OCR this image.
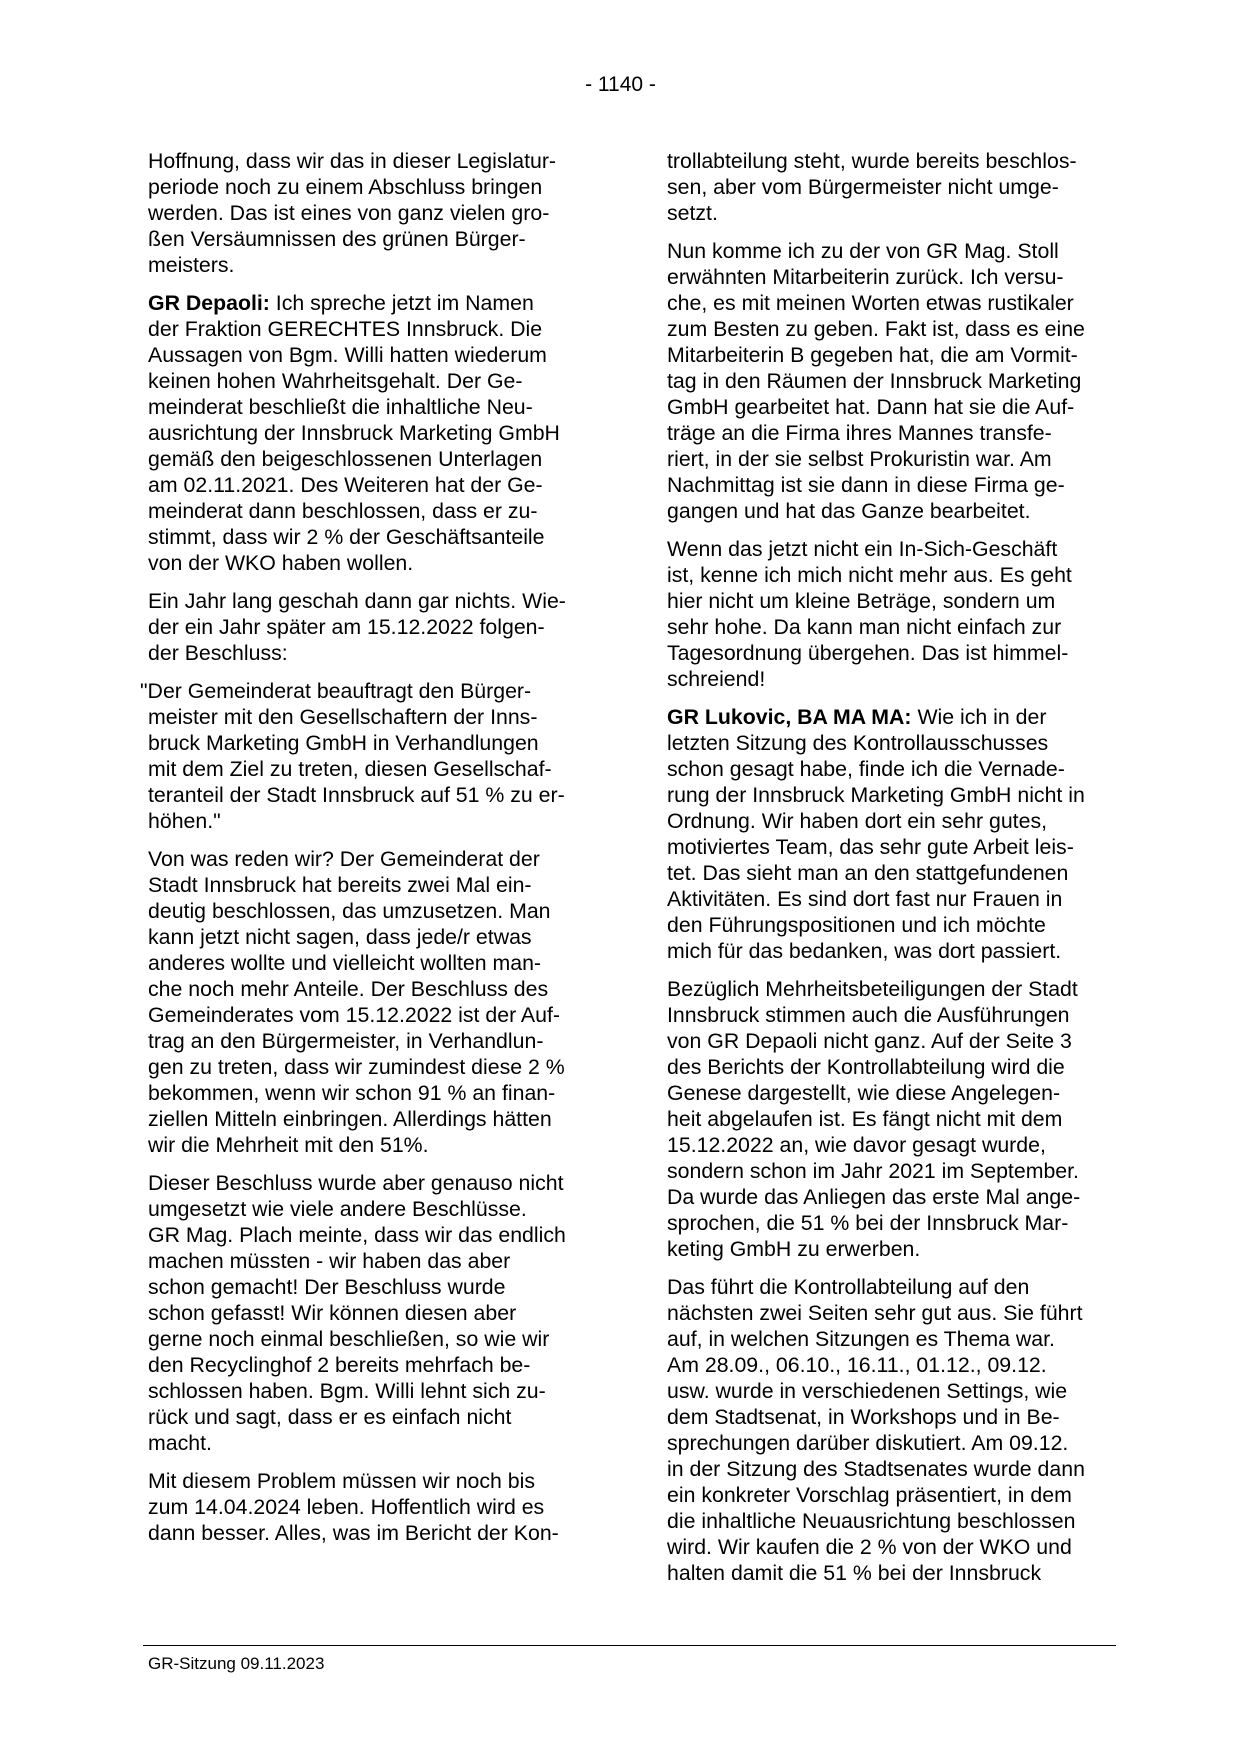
- 1140 -

Hoffnung, dass wir das in dieser Legislatur-
periode noch zu einem Abschluss bringen
werden. Das ist eines von ganz vielen gro-
ßen Versäumnissen des grünen Bürger-
meisters.

GR Depaoli: Ich spreche jetzt im Namen
der Fraktion GERECHTES Innsbruck. Die
Aussagen von Bgm. Willi hatten wiederum
keinen hohen Wahrheitsgehalt. Der Ge-
meinderat beschließt die inhaltliche Neu-
ausrichtung der Innsbruck Marketing GmbH
gemäß den beigeschlossenen Unterlagen
am 02.11.2021. Des Weiteren hat der Ge-
meinderat dann beschlossen, dass er zu-
stimmt, dass wir 2 % der Geschäftsanteile
von der WKO haben wollen.

Ein Jahr lang geschah dann gar nichts. Wie-
der ein Jahr später am 15.12.2022 folgen-
der Beschluss:

"Der Gemeinderat beauftragt den Bürger-
meister mit den Gesellschaftern der Inns-
bruck Marketing GmbH in Verhandlungen
mit dem Ziel zu treten, diesen Gesellschaf-
teranteil der Stadt Innsbruck auf 51 % zu er-
höhen."

Von was reden wir? Der Gemeinderat der
Stadt Innsbruck hat bereits zwei Mal ein-
deutig beschlossen, das umzusetzen. Man
kann jetzt nicht sagen, dass jede/r etwas
anderes wollte und vielleicht wollten man-
che noch mehr Anteile. Der Beschluss des
Gemeinderates vom 15.12.2022 ist der Auf-
trag an den Bürgermeister, in Verhandlun-
gen zu treten, dass wir zumindest diese 2 %
bekommen, wenn wir schon 91 % an finan-
ziellen Mitteln einbringen. Allerdings hätten
wir die Mehrheit mit den 51%.

Dieser Beschluss wurde aber genauso nicht
umgesetzt wie viele andere Beschlüsse.
GR Mag. Plach meinte, dass wir das endlich
machen müssten - wir haben das aber
schon gemacht! Der Beschluss wurde
schon gefasst! Wir können diesen aber
gerne noch einmal beschließen, so wie wir
den Recyclinghof 2 bereits mehrfach be-
schlossen haben. Bgm. Willi lehnt sich zu-
rück und sagt, dass er es einfach nicht
macht.

Mit diesem Problem müssen wir noch bis
zum 14.04.2024 leben. Hoffentlich wird es
dann besser. Alles, was im Bericht der Kon-

trollabteilung steht, wurde bereits beschlos-
sen, aber vom Bürgermeister nicht umge-
setzt.

Nun komme ich zu der von GR Mag. Stoll
erwähnten Mitarbeiterin zurück. Ich versu-
che, es mit meinen Worten etwas rustikaler
zum Besten zu geben. Fakt ist, dass es eine
Mitarbeiterin B gegeben hat, die am Vormit-
tag in den Räumen der Innsbruck Marketing
GmbH gearbeitet hat. Dann hat sie die Auf-
träge an die Firma ihres Mannes transfe-
riert, in der sie selbst Prokuristin war. Am
Nachmittag ist sie dann in diese Firma ge-
gangen und hat das Ganze bearbeitet.

Wenn das jetzt nicht ein In-Sich-Geschäft
ist, kenne ich mich nicht mehr aus. Es geht
hier nicht um kleine Beträge, sondern um
sehr hohe. Da kann man nicht einfach zur
Tagesordnung übergehen. Das ist himmel-
schreiend!

GR Lukovic, BA MA MA: Wie ich in der
letzten Sitzung des Kontrollausschusses
schon gesagt habe, finde ich die Vernade-
rung der Innsbruck Marketing GmbH nicht in
Ordnung. Wir haben dort ein sehr gutes,
motiviertes Team, das sehr gute Arbeit leis-
tet. Das sieht man an den stattgefundenen
Aktivitäten. Es sind dort fast nur Frauen in
den Führungspositionen und ich möchte
mich für das bedanken, was dort passiert.

Bezüglich Mehrheitsbeteiligungen der Stadt
Innsbruck stimmen auch die Ausführungen
von GR Depaoli nicht ganz. Auf der Seite 3
des Berichts der Kontrollabteilung wird die
Genese dargestellt, wie diese Angelegen-
heit abgelaufen ist. Es fängt nicht mit dem
15.12.2022 an, wie davor gesagt wurde,
sondern schon im Jahr 2021 im September.
Da wurde das Anliegen das erste Mal ange-
sprochen, die 51 % bei der Innsbruck Mar-
keting GmbH zu erwerben.

Das führt die Kontrollabteilung auf den
nächsten zwei Seiten sehr gut aus. Sie führt
auf, in welchen Sitzungen es Thema war.
Am 28.09., 06.10., 16.11., 01.12., 09.12.
usw. wurde in verschiedenen Settings, wie
dem Stadtsenat, in Workshops und in Be-
sprechungen darüber diskutiert. Am 09.12.
in der Sitzung des Stadtsenates wurde dann
ein konkreter Vorschlag präsentiert, in dem
die inhaltliche Neuausrichtung beschlossen
wird. Wir kaufen die 2 % von der WKO und
halten damit die 51 % bei der Innsbruck

GR-Sitzung 09.11.2023
